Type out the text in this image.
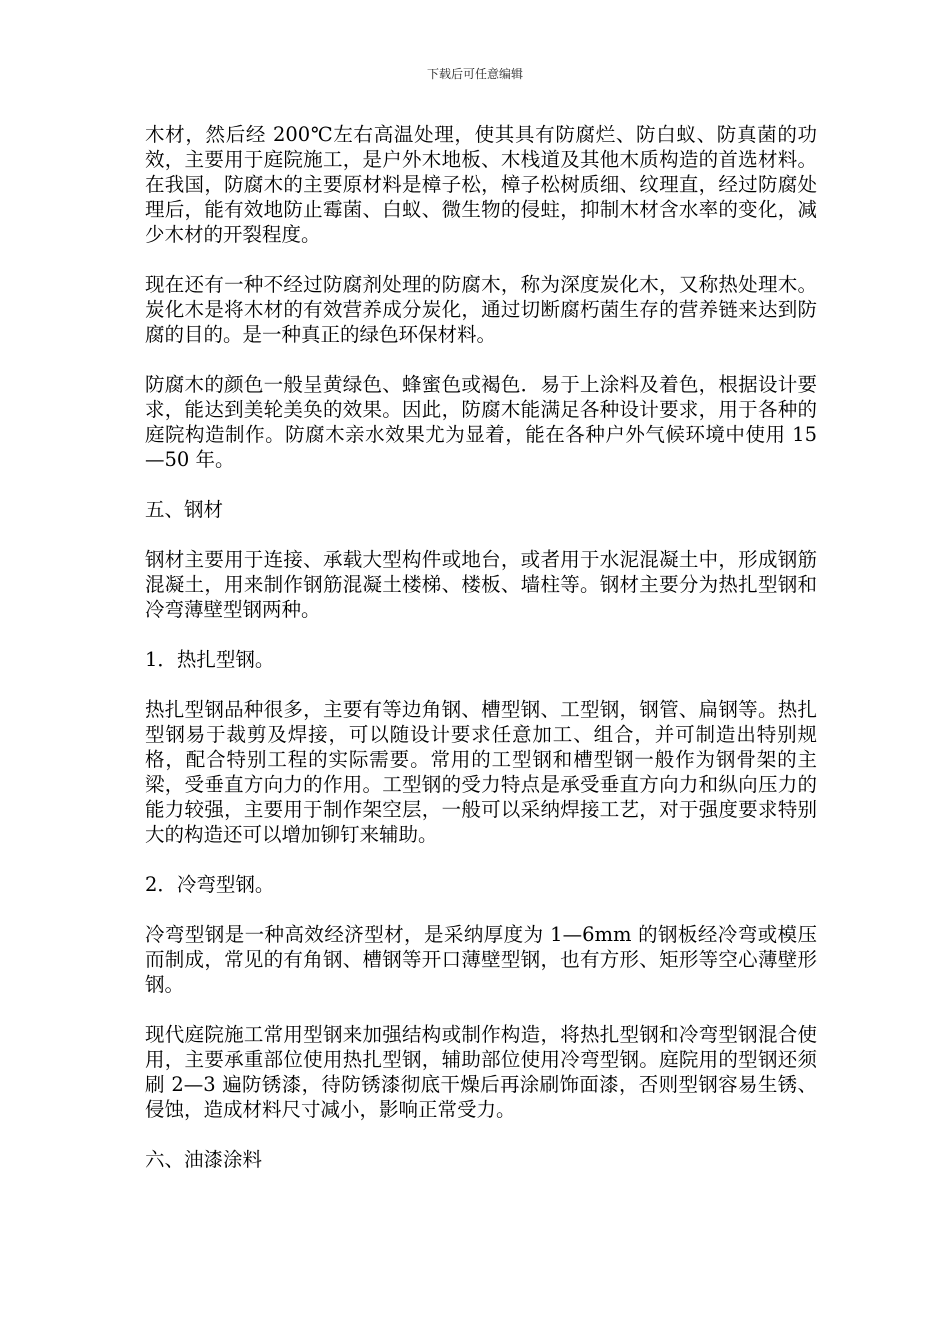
下载后可任意编辑

木材，然后经 200℃左右高温处理，使其具有防腐烂、防白蚁、防真菌的功效，主要用于庭院施工，是户外木地板、木栈道及其他木质构造的首选材料。在我国，防腐木的主要原材料是樟子松，樟子松树质细、纹理直，经过防腐处理后，能有效地防止霉菌、白蚁、微生物的侵蛀，抑制木材含水率的变化，减少木材的开裂程度。

现在还有一种不经过防腐剂处理的防腐木，称为深度炭化木，又称热处理木。炭化木是将木材的有效营养成分炭化，通过切断腐朽菌生存的营养链来达到防腐的目的。是一种真正的绿色环保材料。

防腐木的颜色一般呈黄绿色、蜂蜜色或褐色．易于上涂料及着色，根据设计要求，能达到美轮美奂的效果。因此，防腐木能满足各种设计要求，用于各种的庭院构造制作。防腐木亲水效果尤为显着，能在各种户外气候环境中使用 15—50 年。

五、钢材

钢材主要用于连接、承载大型构件或地台，或者用于水泥混凝土中，形成钢筋混凝土，用来制作钢筋混凝土楼梯、楼板、墙柱等。钢材主要分为热扎型钢和冷弯薄壁型钢两种。

1．热扎型钢。

热扎型钢品种很多，主要有等边角钢、槽型钢、工型钢，钢管、扁钢等。热扎型钢易于裁剪及焊接，可以随设计要求任意加工、组合，并可制造出特别规格，配合特别工程的实际需要。常用的工型钢和槽型钢一般作为钢骨架的主梁，受垂直方向力的作用。工型钢的受力特点是承受垂直方向力和纵向压力的能力较强，主要用于制作架空层，一般可以采纳焊接工艺，对于强度要求特别大的构造还可以增加铆钉来辅助。

2．冷弯型钢。

冷弯型钢是一种高效经济型材，是采纳厚度为 1—6mm 的钢板经冷弯或模压而制成，常见的有角钢、槽钢等开口薄壁型钢，也有方形、矩形等空心薄壁形钢。

现代庭院施工常用型钢来加强结构或制作构造，将热扎型钢和冷弯型钢混合使用，主要承重部位使用热扎型钢，辅助部位使用冷弯型钢。庭院用的型钢还须刷 2—3 遍防锈漆，待防锈漆彻底干燥后再涂刷饰面漆，否则型钢容易生锈、侵蚀，造成材料尺寸减小，影响正常受力。

六、油漆涂料
